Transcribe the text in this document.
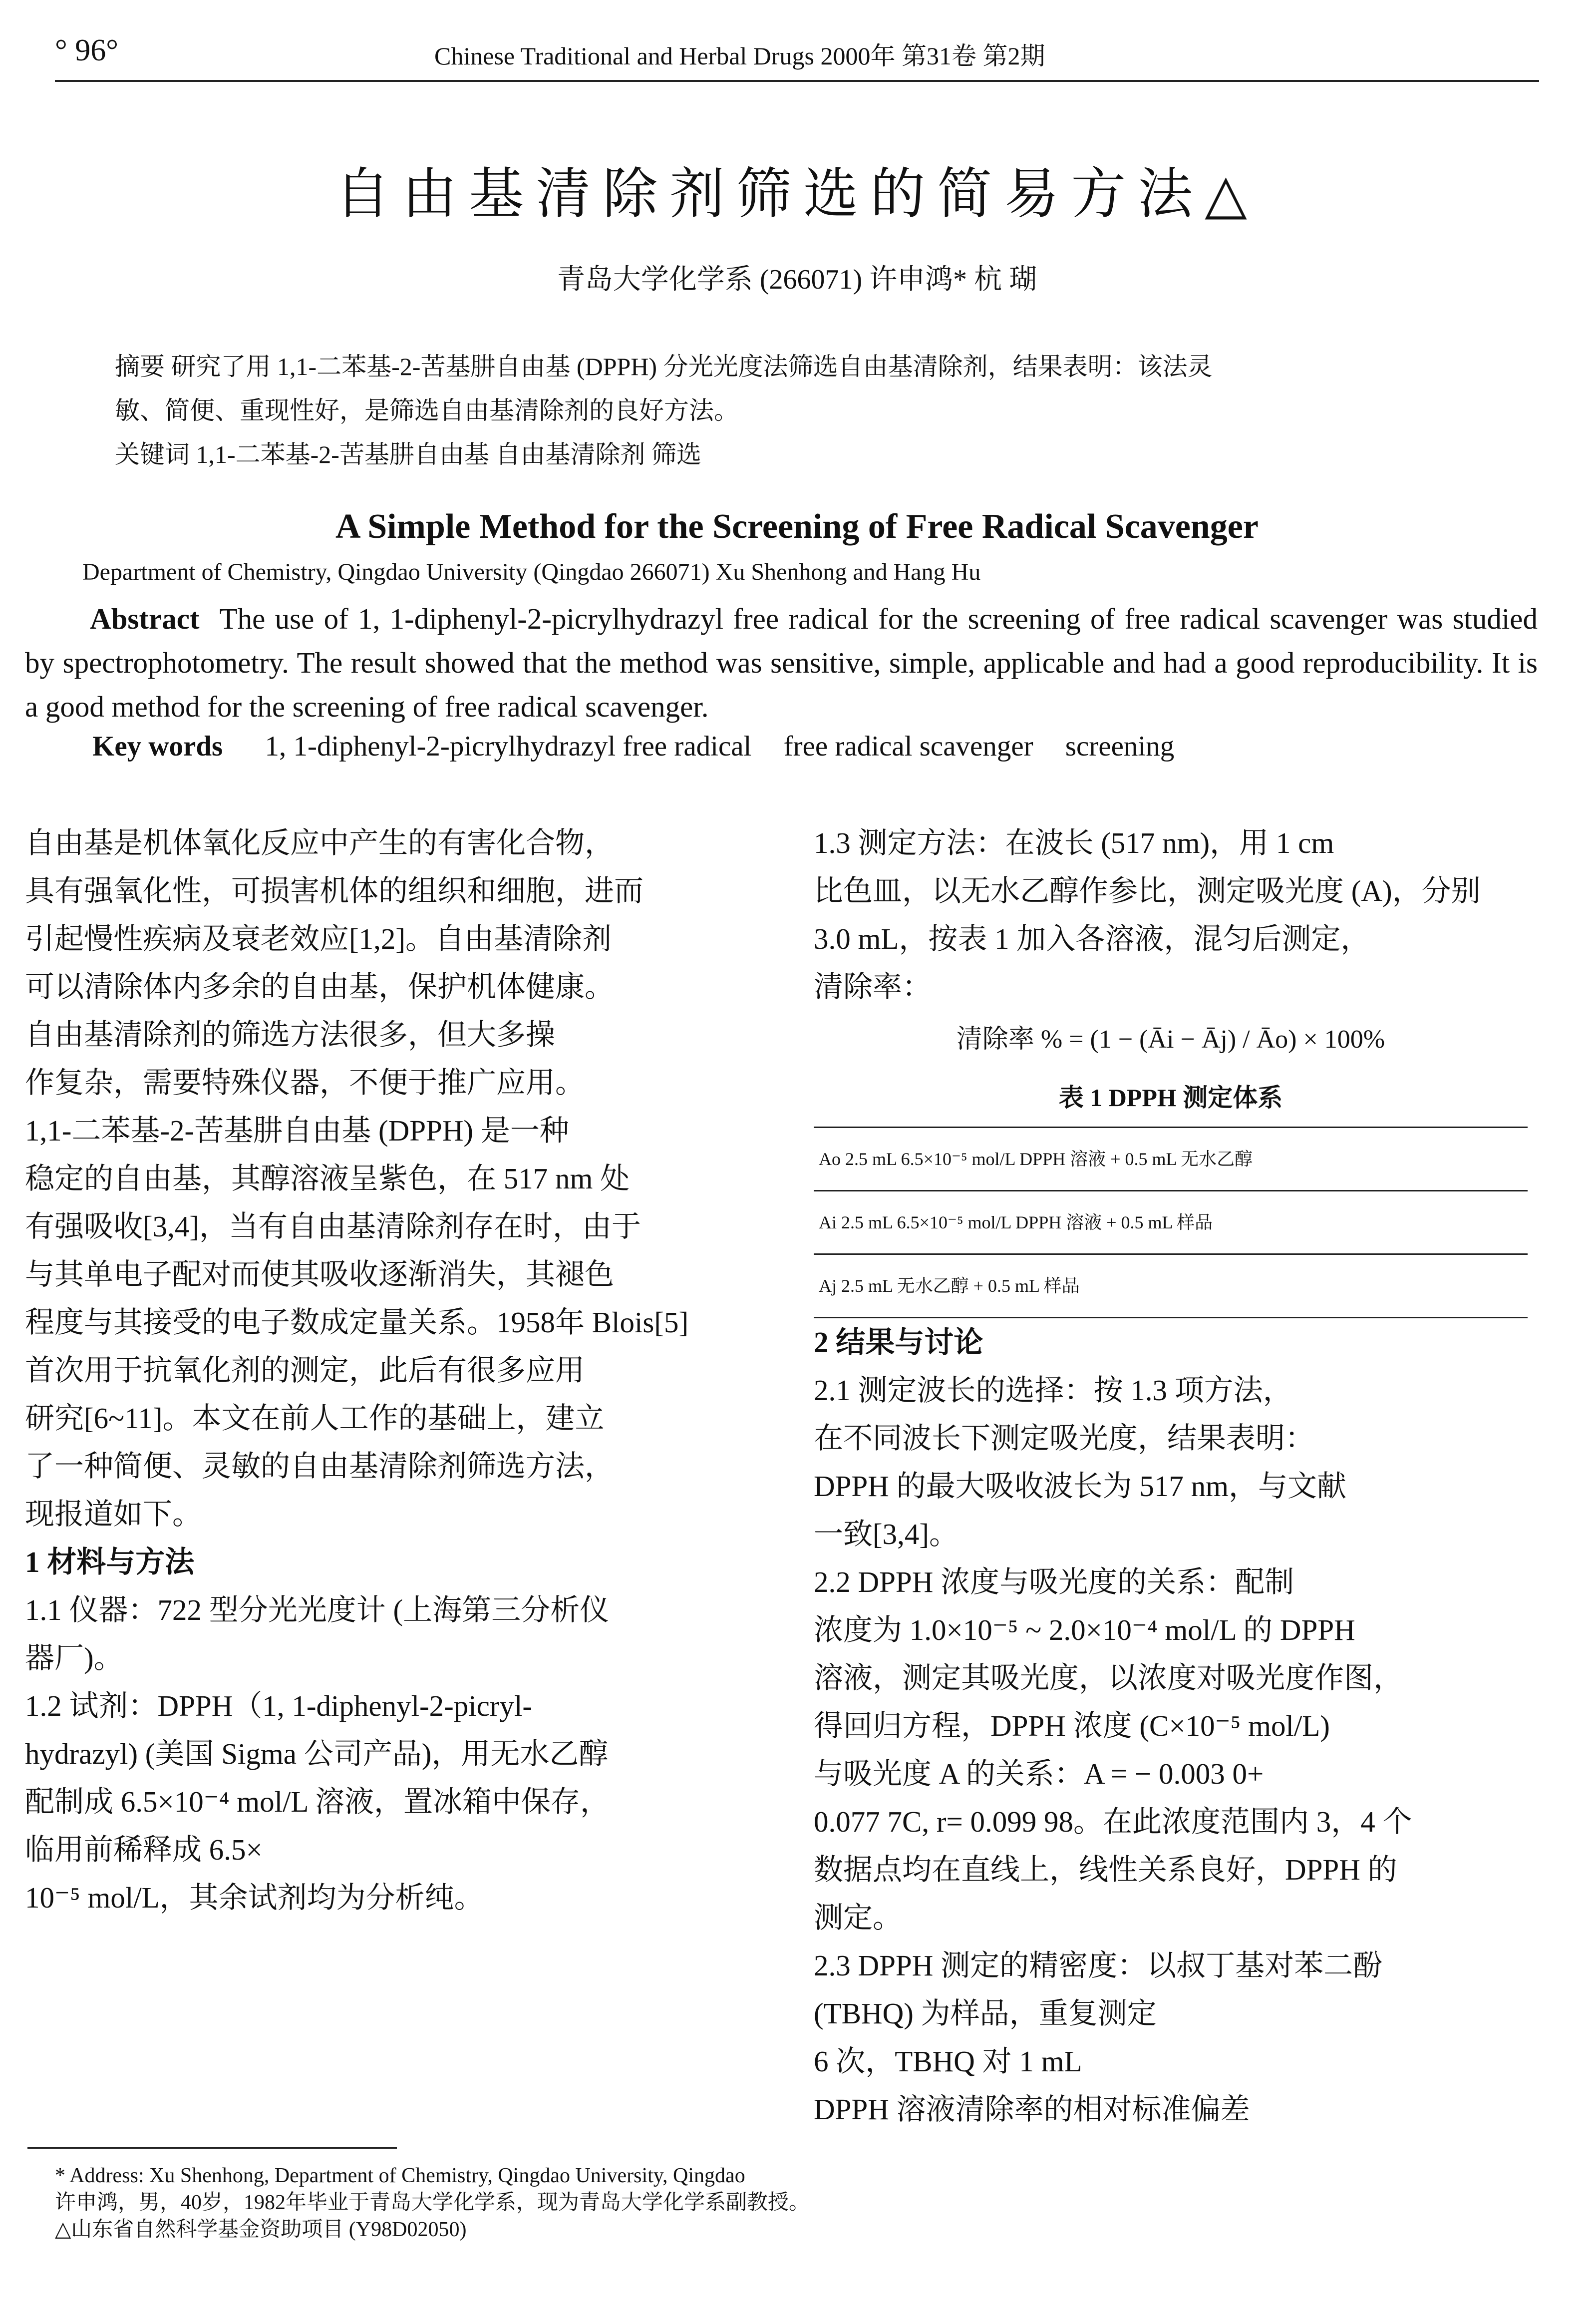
° 96°	Chinese Traditional and Herbal Drugs 2000年 第31卷 第2期
自由基清除剂筛选的简易方法△
青岛大学化学系 (266071) 许申鸿* 杭 瑚
摘要 研究了用 1,1-二苯基-2-苦基肼自由基 (DPPH) 分光光度法筛选自由基清除剂，结果表明：该法灵
敏、简便、重现性好，是筛选自由基清除剂的良好方法。
关键词 1,1-二苯基-2-苦基肼自由基 自由基清除剂 筛选
A Simple Method for the Screening of Free Radical Scavenger
Department of Chemistry, Qingdao University (Qingdao 266071) Xu Shenhong and Hang Hu
Abstract The use of 1, 1-diphenyl-2-picrylhydrazyl free radical for the screening of free radical scavenger was studied by spectrophotometry. The result showed that the method was sensitive, simple, applicable and had a good reproducibility. It is a good method for the screening of free radical scavenger.
Key words 1, 1-diphenyl-2-picrylhydrazyl free radical free radical scavenger screening

自由基是机体氧化反应中产生的有害化合物，

具有强氧化性，可损害机体的组织和细胞，进而

引起慢性疾病及衰老效应[1,2]。自由基清除剂

可以清除体内多余的自由基，保护机体健康。

自由基清除剂的筛选方法很多，但大多操

作复杂，需要特殊仪器，不便于推广应用。

1,1-二苯基-2-苦基肼自由基 (DPPH) 是一种

稳定的自由基，其醇溶液呈紫色，在 517 nm 处

有强吸收[3,4]，当有自由基清除剂存在时，由于

与其单电子配对而使其吸收逐渐消失，其褪色

程度与其接受的电子数成定量关系。1958年 Blois[5]

首次用于抗氧化剂的测定，此后有很多应用

研究[6~11]。本文在前人工作的基础上，建立

了一种简便、灵敏的自由基清除剂筛选方法，

现报道如下。

1 材料与方法

1.1 仪器：722 型分光光度计 (上海第三分析仪

器厂)。

1.2 试剂：DPPH（1, 1-diphenyl-2-picryl-

hydrazyl) (美国 Sigma 公司产品)，用无水乙醇

配制成 6.5×10⁻⁴ mol/L 溶液，置冰箱中保存，

临用前稀释成 6.5×

10⁻⁵ mol/L，其余试剂均为分析纯。

1.3 测定方法：在波长 (517 nm)，用 1 cm

比色皿，以无水乙醇作参比，测定吸光度 (A)，分别

3.0 mL，按表 1 加入各溶液，混匀后测定，

清除率：

清除率 % = (1 − (Āi − Āj) / Āo) × 100%
表 1 DPPH 测定体系
Ao 2.5 mL 6.5×10⁻⁵ mol/L DPPH 溶液 + 0.5 mL 无水乙醇
Ai 2.5 mL 6.5×10⁻⁵ mol/L DPPH 溶液 + 0.5 mL 样品
Aj 2.5 mL 无水乙醇 + 0.5 mL 样品

2 结果与讨论

2.1 测定波长的选择：按 1.3 项方法，

在不同波长下测定吸光度，结果表明：

DPPH 的最大吸收波长为 517 nm，与文献

一致[3,4]。

2.2 DPPH 浓度与吸光度的关系：配制

浓度为 1.0×10⁻⁵ ~ 2.0×10⁻⁴ mol/L 的 DPPH

溶液，测定其吸光度，以浓度对吸光度作图，

得回归方程，DPPH 浓度 (C×10⁻⁵ mol/L)

与吸光度 A 的关系：A = − 0.003 0+

0.077 7C, r= 0.099 98。在此浓度范围内 3，4 个

数据点均在直线上，线性关系良好，DPPH 的

测定。

2.3 DPPH 测定的精密度：以叔丁基对苯二酚

(TBHQ) 为样品，重复测定

6 次，TBHQ 对 1 mL

DPPH 溶液清除率的相对标准偏差

* Address: Xu Shenhong, Department of Chemistry, Qingdao University, Qingdao
许申鸿，男，40岁，1982年毕业于青岛大学化学系，现为青岛大学化学系副教授。
△山东省自然科学基金资助项目 (Y98D02050)
